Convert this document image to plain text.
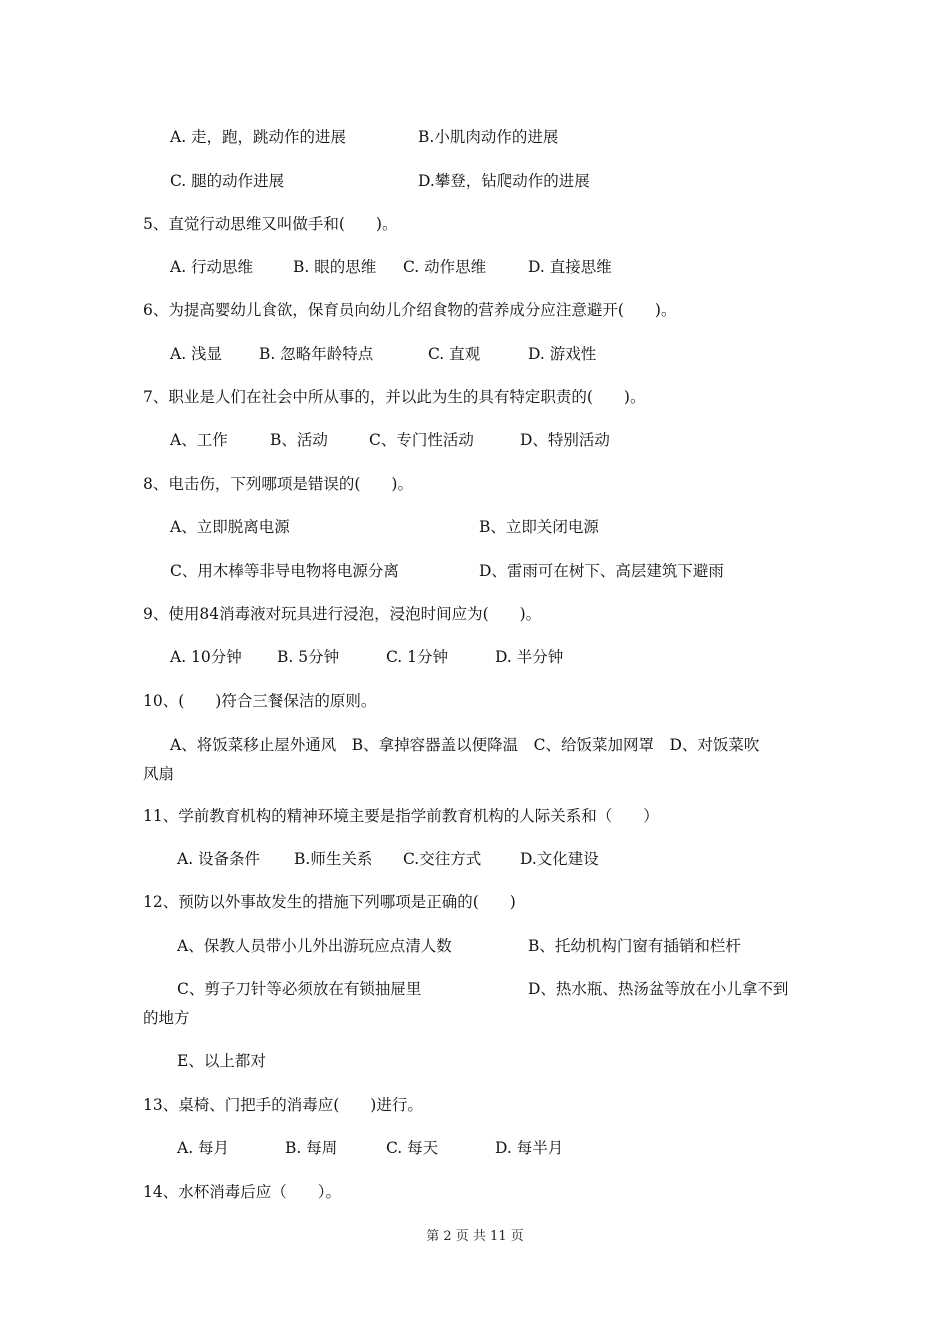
A. 走，跑，跳动作的进展	B.小肌肉动作的进展
C. 腿的动作进展	D.攀登，钻爬动作的进展
5、直觉行动思维又叫做手和(　　)。
A. 行动思维	B. 眼的思维 C. 动作思维	D. 直接思维
6、为提高婴幼儿食欲，保育员向幼儿介绍食物的营养成分应注意避开(　　)。
A. 浅显 B. 忽略年龄特点	C. 直观	D. 游戏性
7、职业是人们在社会中所从事的，并以此为生的具有特定职责的(　　)。
A、工作	B、活动	C、专门性活动	D、特别活动
8、电击伤，下列哪项是错误的(　　)。
A、立即脱离电源	B、立即关闭电源
C、用木棒等非导电物将电源分离	D、雷雨可在树下、高层建筑下避雨
9、使用84消毒液对玩具进行浸泡，浸泡时间应为(　　)。
A. 10分钟 B. 5分钟	C. 1分钟	D. 半分钟
10、(　　)符合三餐保洁的原则。
A、将饭菜移止屋外通风　B、拿掉容器盖以便降温　C、给饭菜加网罩　D、对饭菜吹
风扇
11、学前教育机构的精神环境主要是指学前教育机构的人际关系和（　　）
A. 设备条件 B.师生关系 C.交往方式	D.文化建设
12、预防以外事故发生的措施下列哪项是正确的(　　)
A、保教人员带小儿外出游玩应点清人数	B、托幼机构门窗有插销和栏杆
C、剪子刀针等必须放在有锁抽屉里	D、热水瓶、热汤盆等放在小儿拿不到
的地方
E、以上都对
13、桌椅、门把手的消毒应(　　)进行。
A. 每月	B. 每周	C. 每天	D. 每半月
14、水杯消毒后应（　　）。
第 2 页 共 11 页
